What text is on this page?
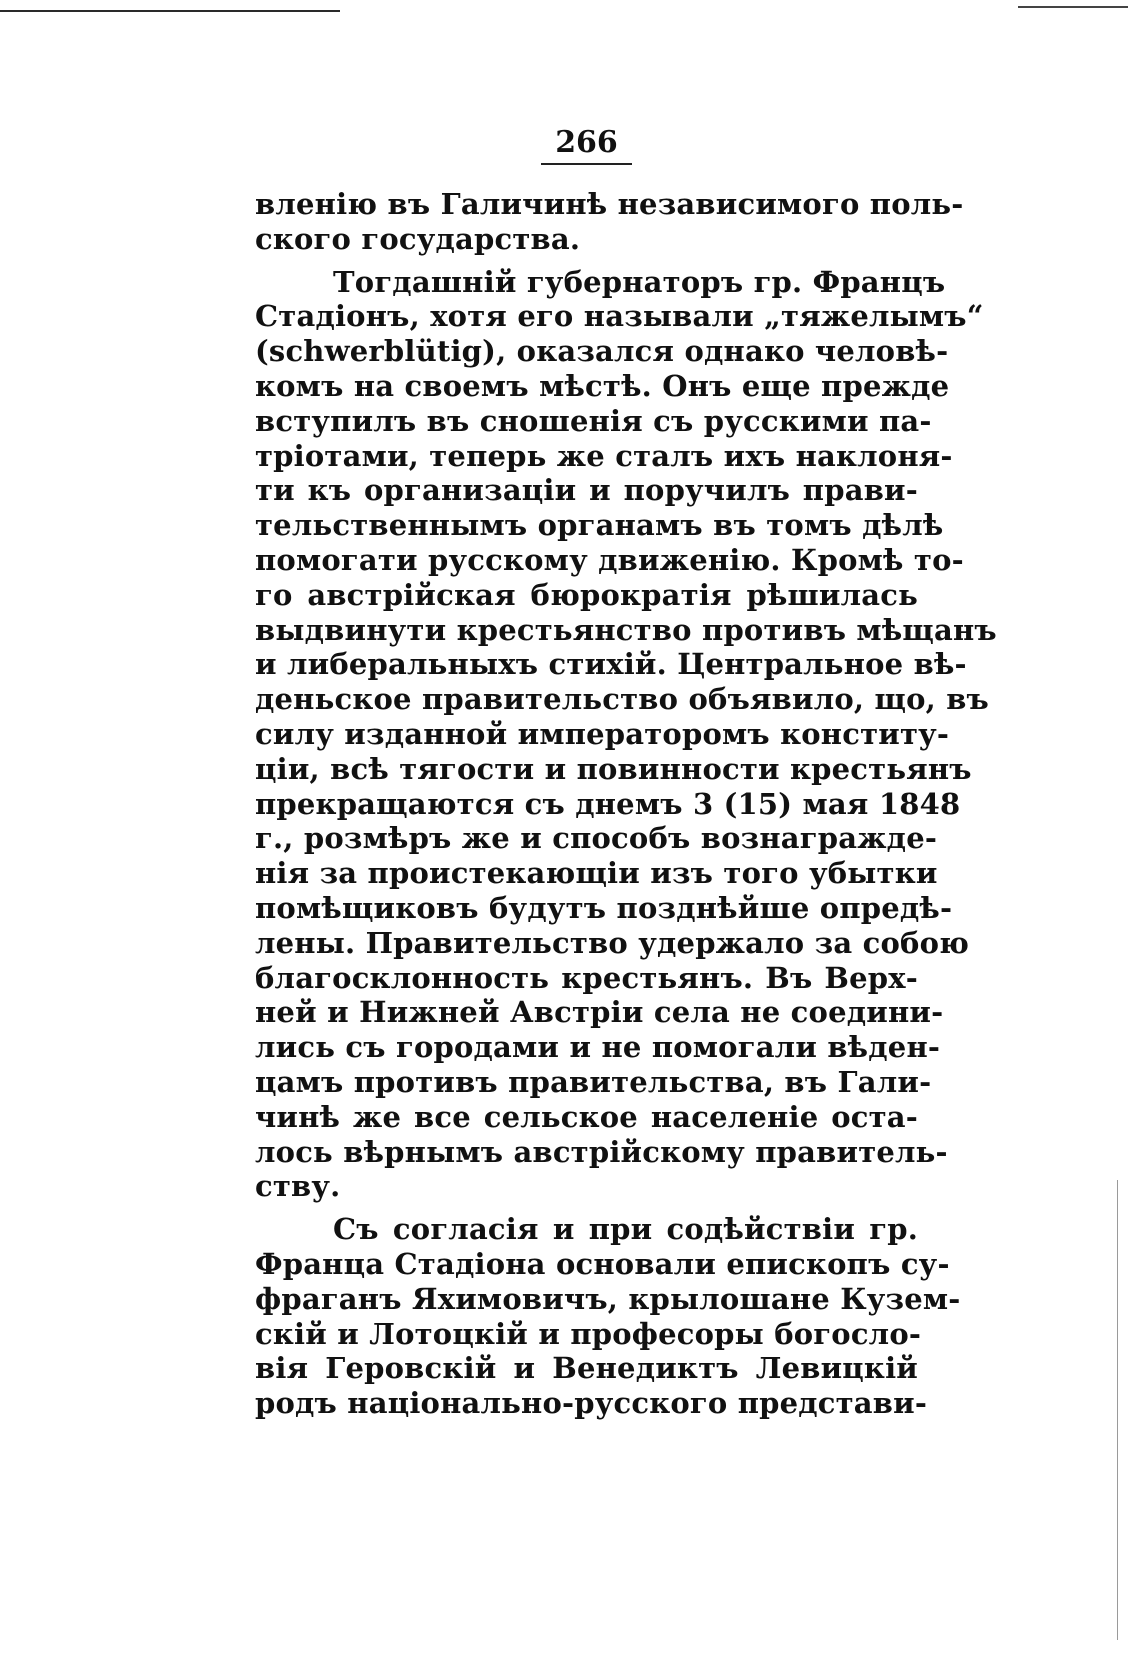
266
вленію въ Галичинѣ независимого поль-
ского государства.
Тогдашній губернаторъ гр. Францъ
Стадіонъ, хотя его называли „тяжелымъ“
(schwerblütig), оказался однако человѣ-
комъ на своемъ мѣстѣ. Онъ еще прежде
вступилъ въ сношенія съ русскими па-
тріотами, теперь же сталъ ихъ наклоня-
ти къ организаціи и поручилъ прави-
тельственнымъ органамъ въ томъ дѣлѣ
помогати русскому движенію. Кромѣ то-
го австрійская бюрократія рѣшилась
выдвинути крестьянство противъ мѣщанъ
и либеральныхъ стихій. Центральное вѣ-
деньское правительство объявило, що, въ
силу изданной императоромъ конститу-
ціи, всѣ тягости и повинности крестьянъ
прекращаются съ днемъ 3 (15) мая 1848
г., розмѣръ же и способъ вознагражде-
нія за проистекающіи изъ того убытки
помѣщиковъ будутъ позднѣйше опредѣ-
лены. Правительство удержало за собою
благосклонность крестьянъ. Въ Верх-
ней и Нижней Австріи села не соедини-
лись съ городами и не помогали вѣден-
цамъ противъ правительства, въ Гали-
чинѣ же все сельское населеніе оста-
лось вѣрнымъ австрійскому правитель-
ству.
Съ согласія и при содѣйствіи гр.
Францa Стадіона основали епископъ су-
фраганъ Яхимовичъ, крылошане Кузем-
скій и Лотоцкій и професоры богосло-
вія Геровскій и Венедиктъ Левицкій
родъ національно-русского представи-
